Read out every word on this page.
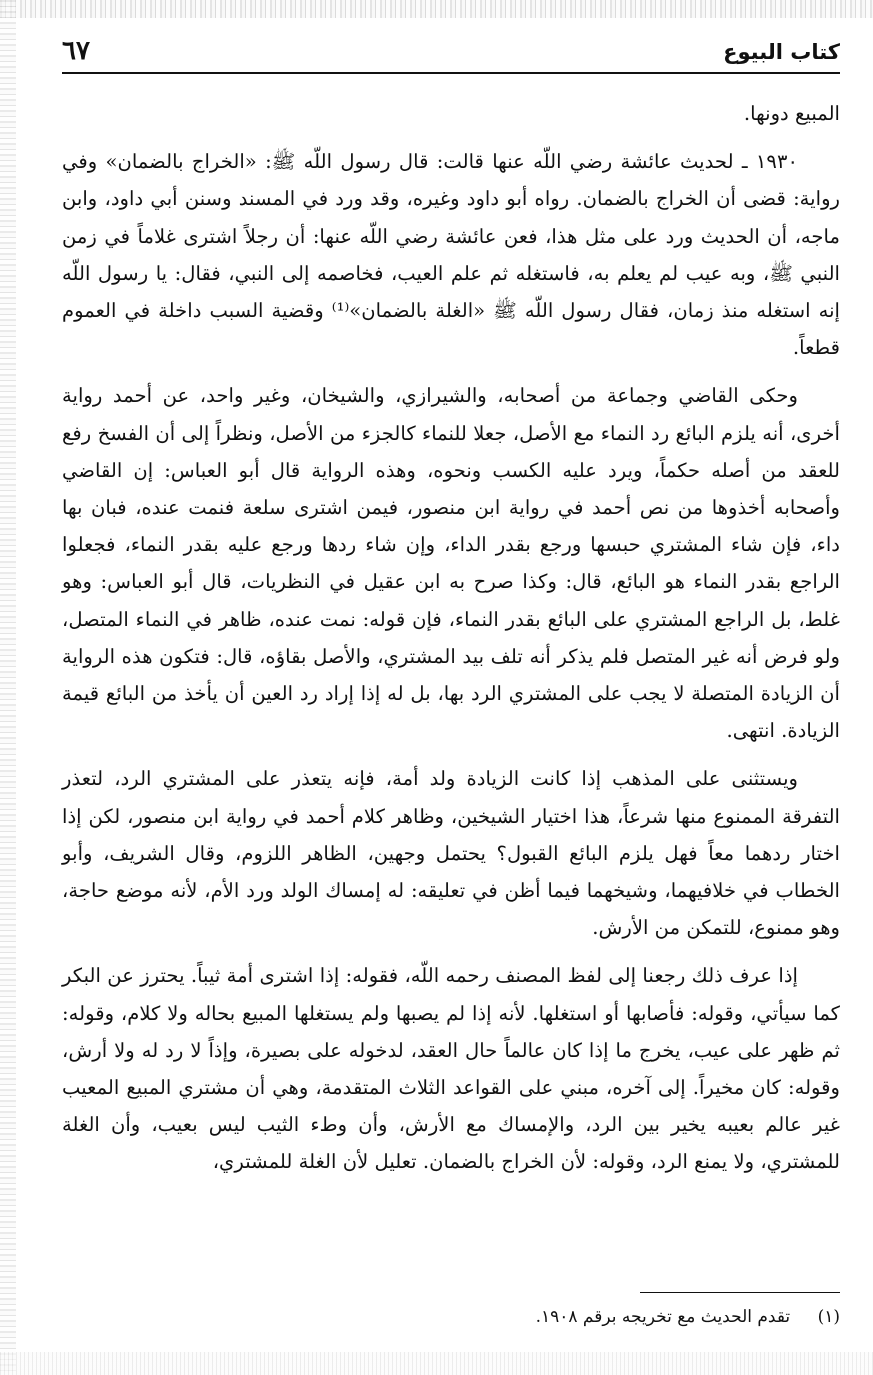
كتاب البيوع
٦٧

المبيع دونها.

١٩٣٠ ـ لحديث عائشة رضي اللّه عنها قالت: قال رسول اللّه ﷺ: «الخراج بالضمان» وفي رواية: قضى أن الخراج بالضمان. رواه أبو داود وغيره، وقد ورد في المسند وسنن أبي داود، وابن ماجه، أن الحديث ورد على مثل هذا، فعن عائشة رضي اللّه عنها: أن رجلاً اشترى غلاماً في زمن النبي ﷺ، وبه عيب لم يعلم به، فاستغله ثم علم العيب، فخاصمه إلى النبي، فقال: يا رسول اللّه إنه استغله منذ زمان، فقال رسول اللّه ﷺ «الغلة بالضمان»⁽¹⁾ وقضية السبب داخلة في العموم قطعاً.

وحكى القاضي وجماعة من أصحابه، والشيرازي، والشيخان، وغير واحد، عن أحمد رواية أخرى، أنه يلزم البائع رد النماء مع الأصل، جعلا للنماء كالجزء من الأصل، ونظراً إلى أن الفسخ رفع للعقد من أصله حكماً، ويرد عليه الكسب ونحوه، وهذه الرواية قال أبو العباس: إن القاضي وأصحابه أخذوها من نص أحمد في رواية ابن منصور، فيمن اشترى سلعة فنمت عنده، فبان بها داء، فإن شاء المشتري حبسها ورجع بقدر الداء، وإن شاء ردها ورجع عليه بقدر النماء، فجعلوا الراجع بقدر النماء هو البائع، قال: وكذا صرح به ابن عقيل في النظريات، قال أبو العباس: وهو غلط، بل الراجع المشتري على البائع بقدر النماء، فإن قوله: نمت عنده، ظاهر في النماء المتصل، ولو فرض أنه غير المتصل فلم يذكر أنه تلف بيد المشتري، والأصل بقاؤه، قال: فتكون هذه الرواية أن الزيادة المتصلة لا يجب على المشتري الرد بها، بل له إذا إراد رد العين أن يأخذ من البائع قيمة الزيادة. انتهى.

ويستثنى على المذهب إذا كانت الزيادة ولد أمة، فإنه يتعذر على المشتري الرد، لتعذر التفرقة الممنوع منها شرعاً، هذا اختيار الشيخين، وظاهر كلام أحمد في رواية ابن منصور، لكن إذا اختار ردهما معاً فهل يلزم البائع القبول؟ يحتمل وجهين، الظاهر اللزوم، وقال الشريف، وأبو الخطاب في خلافيهما، وشيخهما فيما أظن في تعليقه: له إمساك الولد ورد الأم، لأنه موضع حاجة، وهو ممنوع، للتمكن من الأرش.

إذا عرف ذلك رجعنا إلى لفظ المصنف رحمه اللّه، فقوله: إذا اشترى أمة ثيباً. يحترز عن البكر كما سيأتي، وقوله: فأصابها أو استغلها. لأنه إذا لم يصبها ولم يستغلها المبيع بحاله ولا كلام، وقوله: ثم ظهر على عيب، يخرج ما إذا كان عالماً حال العقد، لدخوله على بصيرة، وإذاً لا رد له ولا أرش، وقوله: كان مخيراً. إلى آخره، مبني على القواعد الثلاث المتقدمة، وهي أن مشتري المبيع المعيب غير عالم بعيبه يخير بين الرد، والإمساك مع الأرش، وأن وطء الثيب ليس بعيب، وأن الغلة للمشتري، ولا يمنع الرد، وقوله: لأن الخراج بالضمان. تعليل لأن الغلة للمشتري،

(١) تقدم الحديث مع تخريجه برقم ١٩٠٨.
